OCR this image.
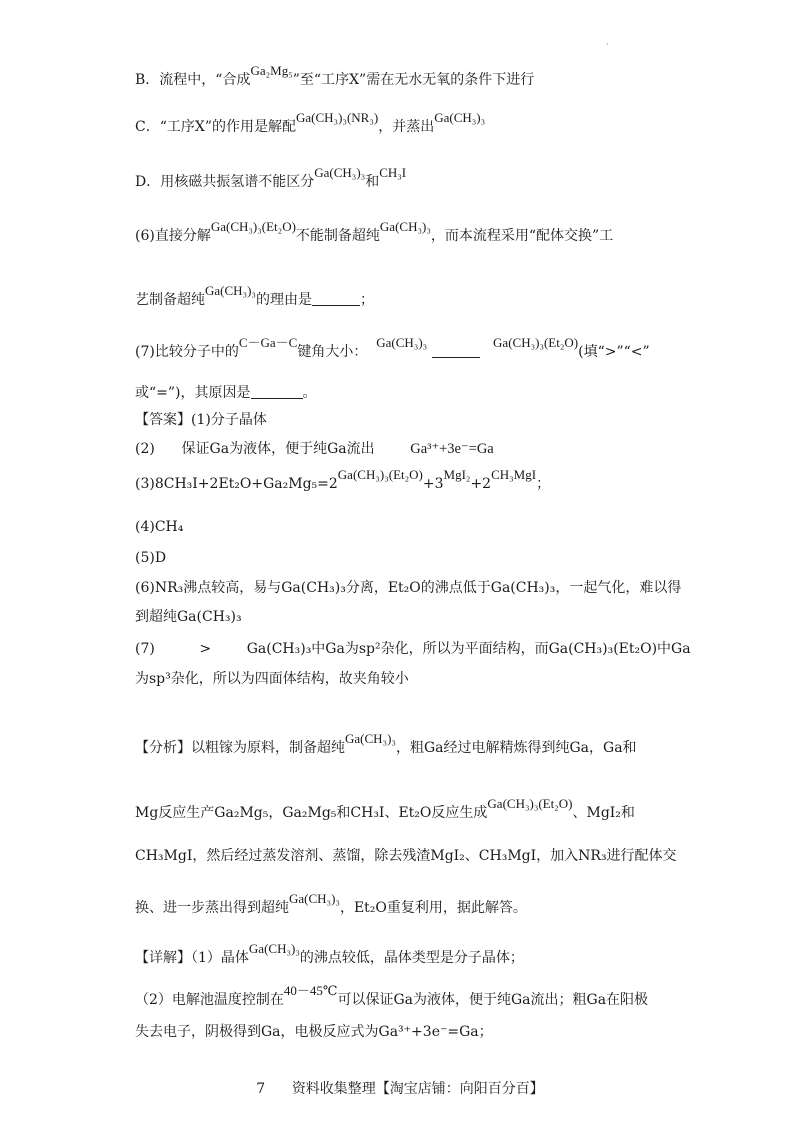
·
B．流程中，“合成Ga₂Mg₅”至“工序X”需在无水无氧的条件下进行
C．“工序X”的作用是解配Ga(CH₃)₃(NR₃)，并蒸出Ga(CH₃)₃
D．用核磁共振氢谱不能区分Ga(CH₃)₃和CH₃I
(6)直接分解Ga(CH₃)₃(Et₂O)不能制备超纯Ga(CH₃)₃，而本流程采用“配体交换”工
艺制备超纯Ga(CH₃)₃的理由是	；
(7)比较分子中的C－Ga－C键角大小：  Ga(CH₃)₃	Ga(CH₃)₃(Et₂O)(填“>”“<”
或“=”)，其原因是	。
【答案】(1)分子晶体
(2) 保证Ga为液体，便于纯Ga流出 Ga³⁺+3e⁻=Ga
(3)8CH₃I+2Et₂O+Ga₂Mg₅=2Ga(CH₃)₃(Et₂O)+3MgI₂+2CH₃MgI；
(4)CH₄
(5)D
(6)NR₃沸点较高，易与Ga(CH₃)₃分离，Et₂O的沸点低于Ga(CH₃)₃，一起气化，难以得
到超纯Ga(CH₃)₃
(7)	>	Ga(CH₃)₃中Ga为sp²杂化，所以为平面结构，而Ga(CH₃)₃(Et₂O)中Ga
为sp³杂化，所以为四面体结构，故夹角较小
【分析】以粗镓为原料，制备超纯Ga(CH₃)₃，粗Ga经过电解精炼得到纯Ga，Ga和
Mg反应生产Ga₂Mg₅，Ga₂Mg₅和CH₃I、Et₂O反应生成Ga(CH₃)₃(Et₂O)、MgI₂和
CH₃MgI，然后经过蒸发溶剂、蒸馏，除去残渣MgI₂、CH₃MgI，加入NR₃进行配体交
换、进一步蒸出得到超纯Ga(CH₃)₃，Et₂O重复利用，据此解答。
【详解】（1）晶体Ga(CH₃)₃的沸点较低，晶体类型是分子晶体；
（2）电解池温度控制在40－45℃可以保证Ga为液体，便于纯Ga流出；粗Ga在阳极
失去电子，阴极得到Ga，电极反应式为Ga³⁺+3e⁻=Ga；
7 资料收集整理【淘宝店铺：向阳百分百】
